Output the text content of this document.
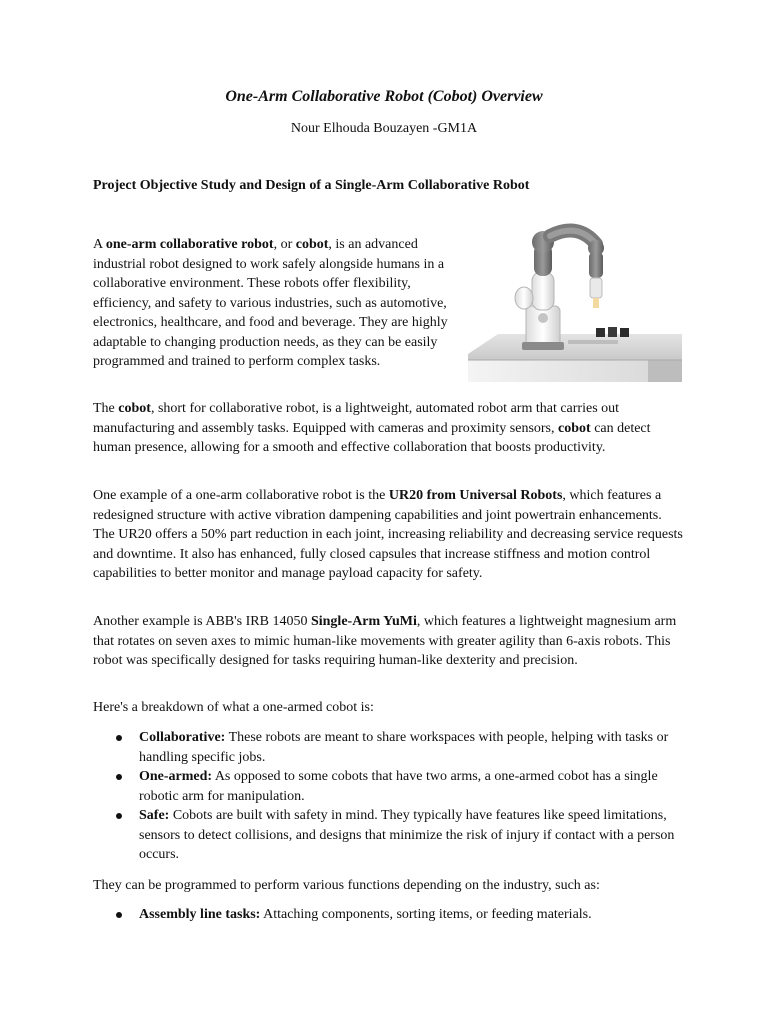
One-Arm Collaborative Robot (Cobot) Overview
Nour Elhouda Bouzayen -GM1A
Project Objective Study and Design of a Single-Arm Collaborative Robot
A one-arm collaborative robot, or cobot, is an advanced industrial robot designed to work safely alongside humans in a collaborative environment. These robots offer flexibility, efficiency, and safety to various industries, such as automotive, electronics, healthcare, and food and beverage. They are highly adaptable to changing production needs, as they can be easily programmed and trained to perform complex tasks.
The cobot, short for collaborative robot, is a lightweight, automated robot arm that carries out manufacturing and assembly tasks. Equipped with cameras and proximity sensors, cobot can detect human presence, allowing for a smooth and effective collaboration that boosts productivity.
One example of a one-arm collaborative robot is the UR20 from Universal Robots, which features a redesigned structure with active vibration dampening capabilities and joint powertrain enhancements. The UR20 offers a 50% part reduction in each joint, increasing reliability and decreasing service requests and downtime. It also has enhanced, fully closed capsules that increase stiffness and motion control capabilities to better monitor and manage payload capacity for safety.
Another example is ABB's IRB 14050 Single-Arm YuMi, which features a lightweight magnesium arm that rotates on seven axes to mimic human-like movements with greater agility than 6-axis robots. This robot was specifically designed for tasks requiring human-like dexterity and precision.
Here's a breakdown of what a one-armed cobot is:
Collaborative: These robots are meant to share workspaces with people, helping with tasks or handling specific jobs.
One-armed: As opposed to some cobots that have two arms, a one-armed cobot has a single robotic arm for manipulation.
Safe: Cobots are built with safety in mind. They typically have features like speed limitations, sensors to detect collisions, and designs that minimize the risk of injury if contact with a person occurs.
They can be programmed to perform various functions depending on the industry, such as:
Assembly line tasks: Attaching components, sorting items, or feeding materials.
